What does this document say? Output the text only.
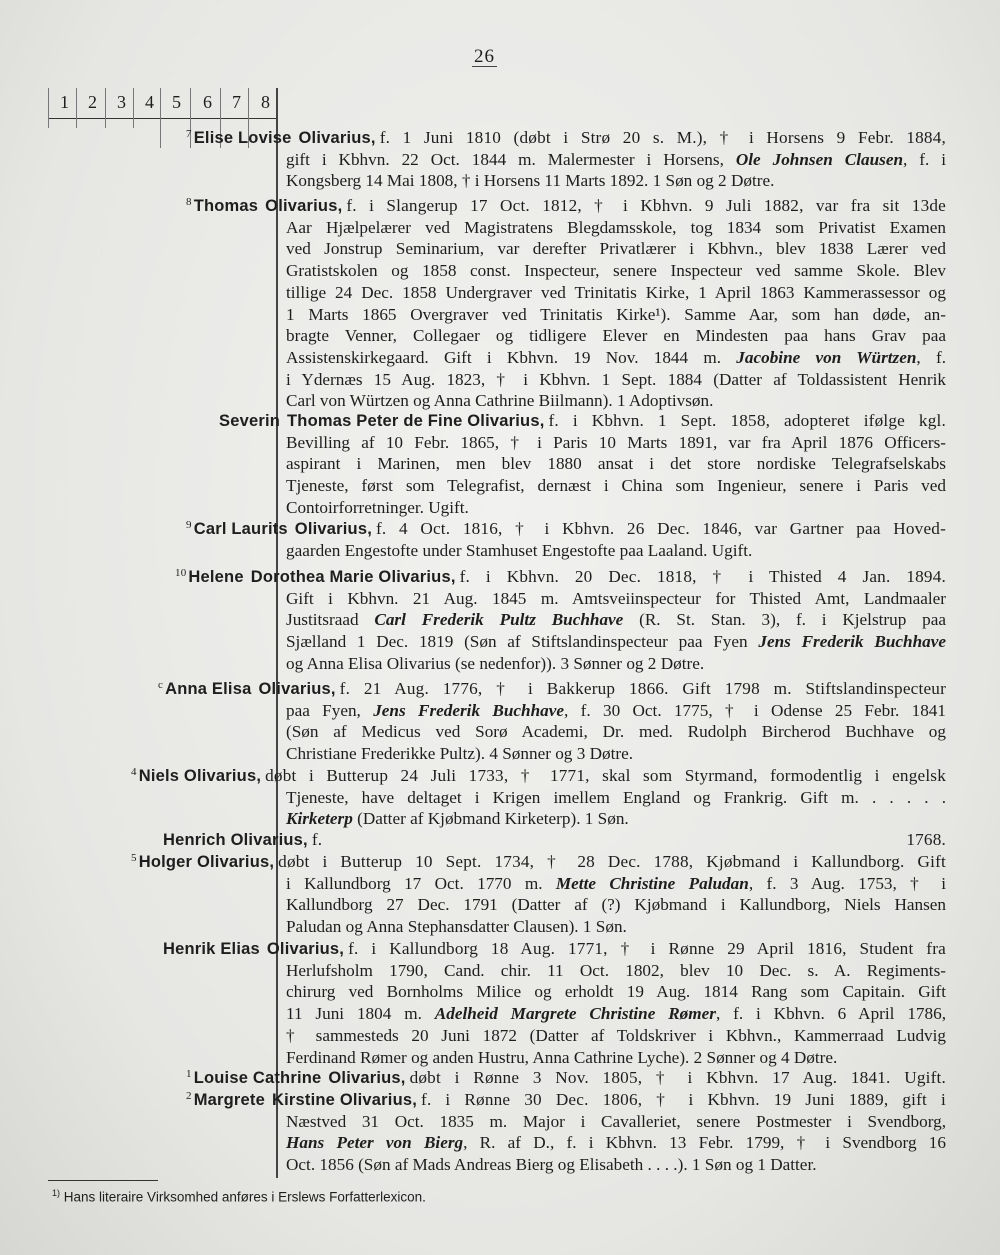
26
1 2 3 4 5 6 7 8
7 Elise Lovise Olivarius, f. 1 Juni 1810 (døbt i Strø 20 s. M.), † i Horsens 9 Febr. 1884,
gift i Kbhvn. 22 Oct. 1844 m. Malermester i Horsens, Ole Johnsen Clausen, f. i
Kongsberg 14 Mai 1808, † i Horsens 11 Marts 1892. 1 Søn og 2 Døtre.
8 Thomas Olivarius, f. i Slangerup 17 Oct. 1812, † i Kbhvn. 9 Juli 1882, var fra sit 13de
Aar Hjælpelærer ved Magistratens Blegdamsskole, tog 1834 som Privatist Examen
ved Jonstrup Seminarium, var derefter Privatlærer i Kbhvn., blev 1838 Lærer ved
Gratistskolen og 1858 const. Inspecteur, senere Inspecteur ved samme Skole. Blev
tillige 24 Dec. 1858 Undergraver ved Trinitatis Kirke, 1 April 1863 Kammerassessor og
1 Marts 1865 Overgraver ved Trinitatis Kirke¹). Samme Aar, som han døde, an-
bragte Venner, Collegaer og tidligere Elever en Mindesten paa hans Grav paa
Assistenskirkegaard. Gift i Kbhvn. 19 Nov. 1844 m. Jacobine von Würtzen, f.
i Ydernæs 15 Aug. 1823, † i Kbhvn. 1 Sept. 1884 (Datter af Toldassistent Henrik
Carl von Würtzen og Anna Cathrine Biilmann). 1 Adoptivsøn.
Severin Thomas Peter de Fine Olivarius, f. i Kbhvn. 1 Sept. 1858, adopteret ifølge kgl.
Bevilling af 10 Febr. 1865, † i Paris 10 Marts 1891, var fra April 1876 Officers-
aspirant i Marinen, men blev 1880 ansat i det store nordiske Telegrafselskabs
Tjeneste, først som Telegrafist, dernæst i China som Ingenieur, senere i Paris ved
Contoirforretninger. Ugift.
9 Carl Laurits Olivarius, f. 4 Oct. 1816, † i Kbhvn. 26 Dec. 1846, var Gartner paa Hoved-
gaarden Engestofte under Stamhuset Engestofte paa Laaland. Ugift.
10 Helene Dorothea Marie Olivarius, f. i Kbhvn. 20 Dec. 1818, † i Thisted 4 Jan. 1894.
Gift i Kbhvn. 21 Aug. 1845 m. Amtsveiinspecteur for Thisted Amt, Landmaaler
Justitsraad Carl Frederik Pultz Buchhave (R. St. Stan. 3), f. i Kjelstrup paa
Sjælland 1 Dec. 1819 (Søn af Stiftslandinspecteur paa Fyen Jens Frederik Buchhave
og Anna Elisa Olivarius (se nedenfor)). 3 Sønner og 2 Døtre.
c Anna Elisa Olivarius, f. 21 Aug. 1776, † i Bakkerup 1866. Gift 1798 m. Stiftslandinspecteur
paa Fyen, Jens Frederik Buchhave, f. 30 Oct. 1775, † i Odense 25 Febr. 1841
(Søn af Medicus ved Sorø Academi, Dr. med. Rudolph Bircherod Buchhave og
Christiane Frederikke Pultz). 4 Sønner og 3 Døtre.
4 Niels Olivarius, døbt i Butterup 24 Juli 1733, † 1771, skal som Styrmand, formodentlig i engelsk
Tjeneste, have deltaget i Krigen imellem England og Frankrig. Gift m. . . . . .
Kirketerp (Datter af Kjøbmand Kirketerp). 1 Søn.
Henrich Olivarius, f. 1768.
5 Holger Olivarius, døbt i Butterup 10 Sept. 1734, † 28 Dec. 1788, Kjøbmand i Kallundborg. Gift
i Kallundborg 17 Oct. 1770 m. Mette Christine Paludan, f. 3 Aug. 1753, † i
Kallundborg 27 Dec. 1791 (Datter af (?) Kjøbmand i Kallundborg, Niels Hansen
Paludan og Anna Stephansdatter Clausen). 1 Søn.
Henrik Elias Olivarius, f. i Kallundborg 18 Aug. 1771, † i Rønne 29 April 1816, Student fra
Herlufsholm 1790, Cand. chir. 11 Oct. 1802, blev 10 Dec. s. A. Regiments-
chirurg ved Bornholms Milice og erholdt 19 Aug. 1814 Rang som Capitain. Gift
11 Juni 1804 m. Adelheid Margrete Christine Rømer, f. i Kbhvn. 6 April 1786,
† sammesteds 20 Juni 1872 (Datter af Toldskriver i Kbhvn., Kammerraad Ludvig
Ferdinand Rømer og anden Hustru, Anna Cathrine Lyche). 2 Sønner og 4 Døtre.
1 Louise Cathrine Olivarius, døbt i Rønne 3 Nov. 1805, † i Kbhvn. 17 Aug. 1841. Ugift.
2 Margrete Kirstine Olivarius, f. i Rønne 30 Dec. 1806, † i Kbhvn. 19 Juni 1889, gift i
Næstved 31 Oct. 1835 m. Major i Cavalleriet, senere Postmester i Svendborg,
Hans Peter von Bierg, R. af D., f. i Kbhvn. 13 Febr. 1799, † i Svendborg 16
Oct. 1856 (Søn af Mads Andreas Bierg og Elisabeth . . . .). 1 Søn og 1 Datter.
$^{1)}$ Hans literaire Virksomhed anføres i Erslews Forfatterlexicon.
